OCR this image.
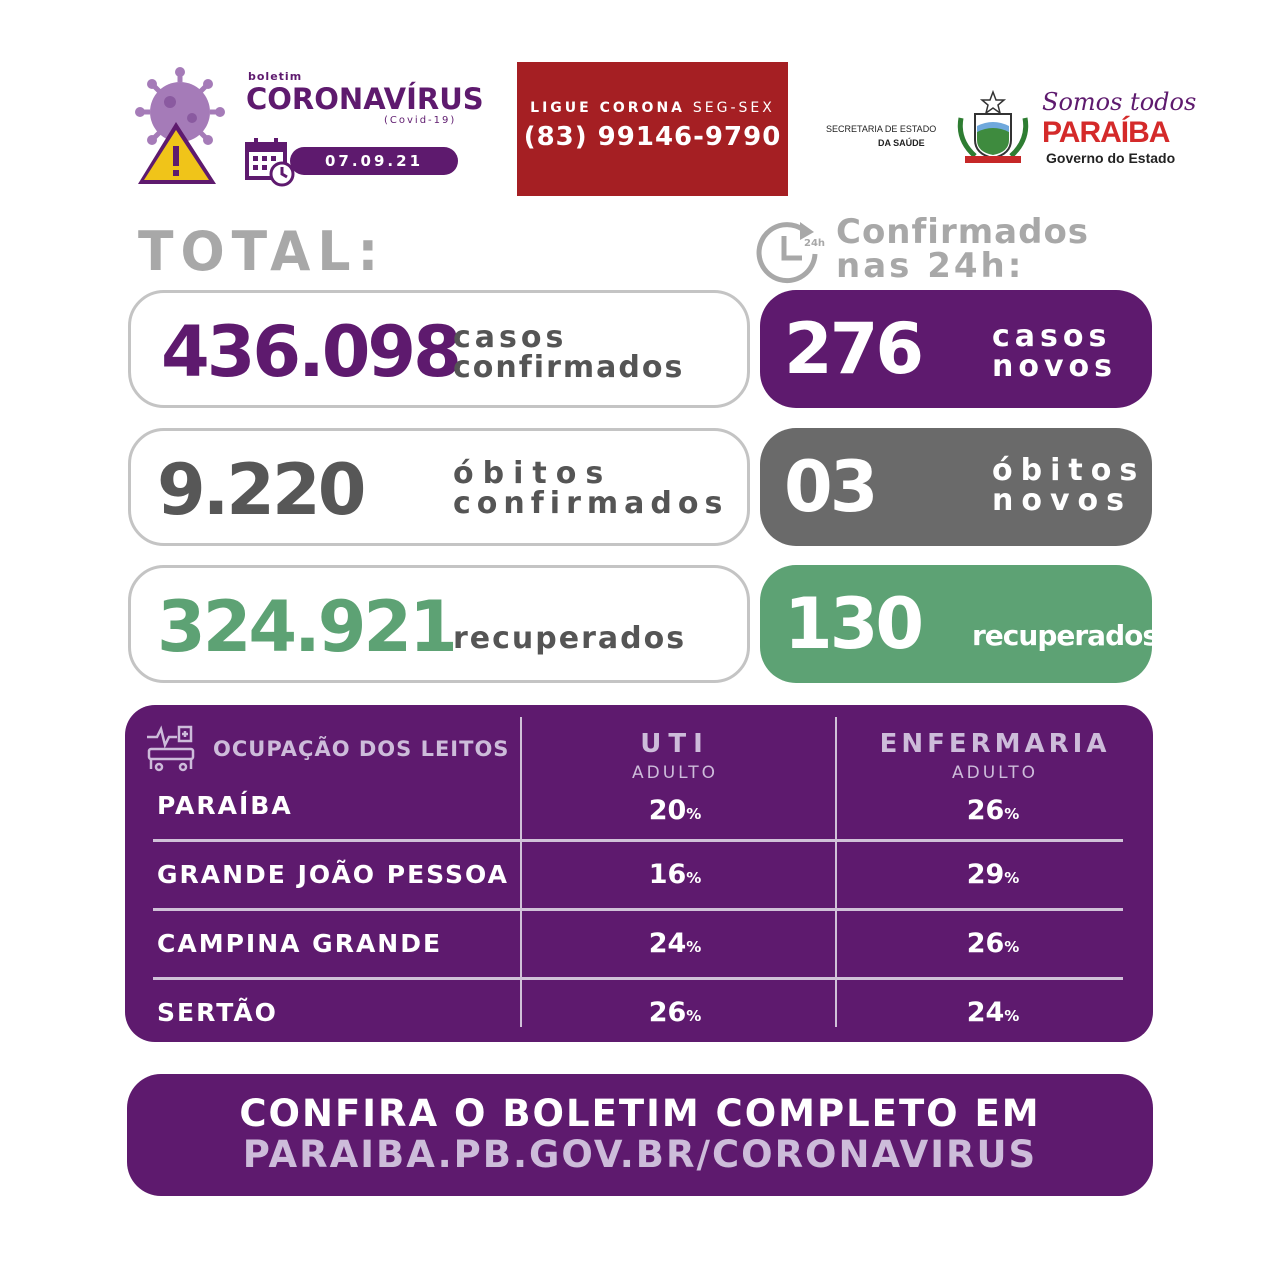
boletim
CORONAVÍRUS
(Covid-19)
07.09.21
LIGUE CORONA SEG-SEX
(83) 99146-9790	SECRETARIA DE ESTADO
DA SAÚDE
Somos todos
PARAÍBA
Governo do Estado
TOTAL:	24h Confirmados
nas 24h:
436.098
casos
confirmados
9.220	óbitos
confirmados
324.921
recuperados
276 casos
novos
03	óbitos
novos
130 recuperados
OCUPAÇÃO DOS LEITOS	UTI
ADULTO
ENFERMARIA
ADULTO
PARAÍBA	20%	26%
GRANDE JOÃO PESSOA	16%	29%
CAMPINA GRANDE	24%	26%
SERTÃO	26%	24%
CONFIRA O BOLETIM COMPLETO EM
PARAIBA.PB.GOV.BR/CORONAVIRUS
